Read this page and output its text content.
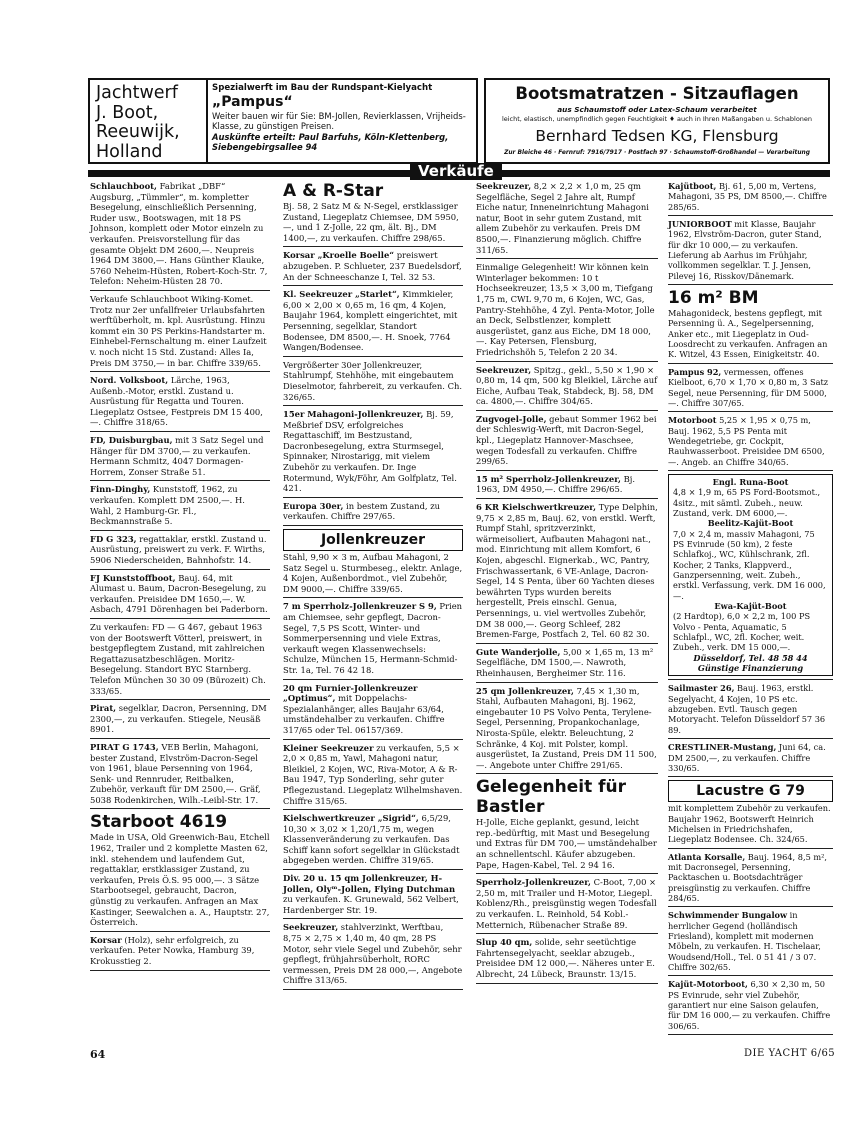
Jachtwerf
J. Boot,
Reeuwijk,
Holland
Spezialwerft im Bau der Rundspant-Kielyacht
„Pampus“
Weiter bauen wir für Sie: BM-Jollen, Revierklassen, Vrijheids-Klasse, zu günstigen Preisen.
Auskünfte erteilt: Paul Barfuhs, Köln-Klettenberg, Siebengebirgsallee 94
Bootsmatratzen - Sitzauflagen
aus Schaumstoff oder Latex-Schaum verarbeitet
leicht, elastisch, unempfindlich gegen Feuchtigkeit ♦ auch in Ihren Maßangaben u. Schablonen
Bernhard Tedsen KG, Flensburg
Zur Bleiche 46 · Fernruf: 7916/7917 · Postfach 97 · Schaumstoff-Großhandel — Verarbeitung
Verkäufe

Schlauchboot, Fabrikat „DBF“ Augsburg, „Tümmler“, m. kompletter Besegelung, einschließlich Persenning, Ruder usw., Bootswagen, mit 18 PS Johnson, komplett oder Motor einzeln zu verkaufen. Preisvorstellung für das gesamte Objekt DM 2600,—. Neupreis 1964 DM 3800,—. Hans Günther Klauke, 5760 Neheim-Hüsten, Robert-Koch-Str. 7, Telefon: Neheim-Hüsten 28 70.

Verkaufe Schlauchboot Wiking-Komet. Trotz nur 2er unfallfreier Urlaubsfahrten werftüberholt, m. kpl. Ausrüstung. Hinzu kommt ein 30 PS Perkins-Handstarter m. Einhebel-Fernschaltung m. einer Laufzeit v. noch nicht 15 Std. Zustand: Alles Ia, Preis DM 3750,— in bar. Chiffre 339/65.

Nord. Volksboot, Lärche, 1963, Außenb.-Motor, erstkl. Zustand u. Ausrüstung für Regatta und Touren. Liegeplatz Ostsee, Festpreis DM 15 400,—. Chiffre 318/65.

FD, Duisburgbau, mit 3 Satz Segel und Hänger für DM 3700,— zu verkaufen. Hermann Schmitz, 4047 Dormagen-Horrem, Zonser Straße 51.

Finn-Dinghy, Kunststoff, 1962, zu verkaufen. Komplett DM 2500,—. H. Wahl, 2 Hamburg-Gr. Fl., Beckmannstraße 5.

FD G 323, regattaklar, erstkl. Zustand u. Ausrüstung, preiswert zu verk. F. Wirths, 5906 Niederscheiden, Bahnhofstr. 14.

FJ Kunststoffboot, Bauj. 64, mit Alumast u. Baum, Dacron-Besegelung, zu verkaufen. Preisidee DM 1650,—. W. Asbach, 4791 Dörenhagen bei Paderborn.

Zu verkaufen: FD — G 467, gebaut 1963 von der Bootswerft Vötterl, preiswert, in bestgepflegtem Zustand, mit zahlreichen Regattazusatzbeschlägen. Moritz-Besegelung. Standort BYC Starnberg. Telefon München 30 30 09 (Bürozeit) Ch. 333/65.

Pirat, segelklar, Dacron, Persenning, DM 2300,—, zu verkaufen. Stiegele, Neusäß 8901.

PIRAT G 1743, VEB Berlin, Mahagoni, bester Zustand, Elvström-Dacron-Segel von 1961, blaue Persenning von 1964, Senk- und Rennruder, Reitbalken, Zubehör, verkauft für DM 2500,—. Gräf, 5038 Rodenkirchen, Wilh.-Leibl-Str. 17.

Starboot 4619

Made in USA, Old Greenwich-Bau, Etchell 1962, Trailer und 2 komplette Masten 62, inkl. stehendem und laufendem Gut, regattaklar, erstklassiger Zustand, zu verkaufen, Preis Ö.S. 95 000,—. 3 Sätze Starbootsegel, gebraucht, Dacron, günstig zu verkaufen. Anfragen an Max Kastinger, Seewalchen a. A., Hauptstr. 27, Österreich.

Korsar (Holz), sehr erfolgreich, zu verkaufen. Peter Nowka, Hamburg 39, Krokusstieg 2.

A & R-Star

Bj. 58, 2 Satz M & N-Segel, erstklassiger Zustand, Liegeplatz Chiemsee, DM 5950,—, und 1 Z-Jolle, 22 qm, ält. Bj., DM 1400,—, zu verkaufen. Chiffre 298/65.

Korsar „Kroelle Boelle“ preiswert abzugeben. P. Schlueter, 237 Buedelsdorf, An der Schneeschanze I, Tel. 32 53.

Kl. Seekreuzer „Starlet“, Kimmkieler, 6,00 × 2,00 × 0,65 m, 16 qm, 4 Kojen, Baujahr 1964, komplett eingerichtet, mit Persenning, segelklar, Standort Bodensee, DM 8500,—. H. Snoek, 7764 Wangen/Bodensee.

Vergrößerter 30er Jollenkreuzer, Stahlrumpf, Stehhöhe, mit eingebautem Dieselmotor, fahrbereit, zu verkaufen. Ch. 326/65.

15er Mahagoni-Jollenkreuzer, Bj. 59, Meßbrief DSV, erfolgreiches Regattaschiff, im Bestzustand, Dacronbesegelung, extra Sturmsegel, Spinnaker, Nirostarigg, mit vielem Zubehör zu verkaufen. Dr. Inge Rotermund, Wyk/Föhr, Am Golfplatz, Tel. 421.

Europa 30er, in bestem Zustand, zu verkaufen. Chiffre 297/65.

Jollenkreuzer

Stahl, 9,90 × 3 m, Aufbau Mahagoni, 2 Satz Segel u. Sturmbeseg., elektr. Anlage, 4 Kojen, Außenbordmot., viel Zubehör, DM 9000,—. Chiffre 339/65.

7 m Sperrholz-Jollenkreuzer S 9, Prien am Chiemsee, sehr gepflegt, Dacron-Segel, 7,5 PS Scott, Winter- und Sommerpersenning und viele Extras, verkauft wegen Klassenwechsels: Schulze, München 15, Hermann-Schmid-Str. 1a, Tel. 76 42 18.

20 qm Furnier-Jollenkreuzer „Optimus“, mit Doppelachs-Spezialanhänger, alles Baujahr 63/64, umständehalber zu verkaufen. Chiffre 317/65 oder Tel. 06157/369.

Kleiner Seekreuzer zu verkaufen, 5,5 × 2,0 × 0,85 m, Yawl, Mahagoni natur, Bleikiel, 2 Kojen, WC, Riva-Motor, A & R-Bau 1947, Typ Sonderling, sehr guter Pflegezustand. Liegeplatz Wilhelmshaven. Chiffre 315/65.

Kielschwertkreuzer „Sigrid“, 6,5/29, 10,30 × 3,02 × 1,20/1,75 m, wegen Klassenveränderung zu verkaufen. Das Schiff kann sofort segelklar in Glückstadt abgegeben werden. Chiffre 319/65.

Div. 20 u. 15 qm Jollenkreuzer, H-Jollen, Olyᵐ-Jollen, Flying Dutchman zu verkaufen. K. Grunewald, 562 Velbert, Hardenberger Str. 19.

Seekreuzer, stahlverzinkt, Werftbau, 8,75 × 2,75 × 1,40 m, 40 qm, 28 PS Motor, sehr viele Segel und Zubehör, sehr gepflegt, frühjahrsüberholt, RORC vermessen, Preis DM 28 000,—, Angebote Chiffre 313/65.

Seekreuzer, 8,2 × 2,2 × 1,0 m, 25 qm Segelfläche, Segel 2 Jahre alt, Rumpf Eiche natur, Inneneinrichtung Mahagoni natur, Boot in sehr gutem Zustand, mit allem Zubehör zu verkaufen. Preis DM 8500,—. Finanzierung möglich. Chiffre 311/65.

Einmalige Gelegenheit! Wir können kein Winterlager bekommen: 10 t Hochseekreuzer, 13,5 × 3,00 m, Tiefgang 1,75 m, CWL 9,70 m, 6 Kojen, WC, Gas, Pantry-Stehhöhe, 4 Zyl. Penta-Motor, Jolle an Deck, Selbstlenzer, komplett ausgerüstet, ganz aus Eiche, DM 18 000,—. Kay Petersen, Flensburg, Friedrichshöh 5, Telefon 2 20 34.

Seekreuzer, Spitzg., gekl., 5,50 × 1,90 × 0,80 m, 14 qm, 500 kg Bleikiel, Lärche auf Eiche, Aufbau Teak, Stabdeck, Bj. 58, DM ca. 4800,—. Chiffre 304/65.

Zugvogel-Jolle, gebaut Sommer 1962 bei der Schleswig-Werft, mit Dacron-Segel, kpl., Liegeplatz Hannover-Maschsee, wegen Todesfall zu verkaufen. Chiffre 299/65.

15 m² Sperrholz-Jollenkreuzer, Bj. 1963, DM 4950,—. Chiffre 296/65.

6 KR Kielschwertkreuzer, Type Delphin, 9,75 × 2,85 m, Bauj. 62, von erstkl. Werft, Rumpf Stahl, spritzverzinkt, wärmeisoliert, Aufbauten Mahagoni nat., mod. Einrichtung mit allem Komfort, 6 Kojen, abgeschl. Eignerkab., WC, Pantry, Frischwassertank, 6 VE-Anlage, Dacron-Segel, 14 S Penta, über 60 Yachten dieses bewährten Typs wurden bereits hergestellt, Preis einschl. Genua, Persennings, u. viel wertvolles Zubehör, DM 38 000,—. Georg Schleef, 282 Bremen-Farge, Postfach 2, Tel. 60 82 30.

Gute Wanderjolle, 5,00 × 1,65 m, 13 m² Segelfläche, DM 1500,—. Nawroth, Rheinhausen, Bergheimer Str. 116.

25 qm Jollenkreuzer, 7,45 × 1,30 m, Stahl, Aufbauten Mahagoni, Bj. 1962, eingebauter 10 PS Volvo Penta, Terylene-Segel, Persenning, Propankochanlage, Nirosta-Spüle, elektr. Beleuchtung, 2 Schränke, 4 Koj. mit Polster, kompl. ausgerüstet, Ia Zustand, Preis DM 11 500,—. Angebote unter Chiffre 291/65.

Gelegenheit für Bastler

H-Jolle, Eiche geplankt, gesund, leicht rep.-bedürftig, mit Mast und Besegelung und Extras für DM 700,— umständehalber an schnellentschl. Käufer abzugeben. Pape, Hagen-Kabel, Tel. 2 94 16.

Sperrholz-Jollenkreuzer, C-Boot, 7,00 × 2,50 m, mit Trailer und H-Motor, Liegepl. Koblenz/Rh., preisgünstig wegen Todesfall zu verkaufen. L. Reinhold, 54 Kobl.-Metternich, Rübenacher Straße 89.

Slup 40 qm, solide, sehr seetüchtige Fahrtensegelyacht, seeklar abzugeb., Preisidee DM 12 000,—. Näheres unter E. Albrecht, 24 Lübeck, Braunstr. 13/15.

Kajütboot, Bj. 61, 5,00 m, Vertens, Mahagoni, 35 PS, DM 8500,—. Chiffre 285/65.

JUNIORBOOT mit Klasse, Baujahr 1962, Elvström-Dacron, guter Stand, für dkr 10 000,— zu verkaufen. Lieferung ab Aarhus im Frühjahr, vollkommen segelklar. T. J. Jensen, Pilevej 16, Risskov/Dänemark.

16 m² BM

Mahagonideck, bestens gepflegt, mit Persenning ü. A., Segelpersenning, Anker etc., mit Liegeplatz in Oud-Loosdrecht zu verkaufen. Anfragen an K. Witzel, 43 Essen, Einigkeitstr. 40.

Pampus 92, vermessen, offenes Kielboot, 6,70 × 1,70 × 0,80 m, 3 Satz Segel, neue Persenning, für DM 5000,—. Chiffre 307/65.

Motorboot 5,25 × 1,95 × 0,75 m, Bauj. 1962, 5,5 PS Penta mit Wendegetriebe, gr. Cockpit, Rauhwasserboot. Preisidee DM 6500,—. Angeb. an Chiffre 340/65.

Engl. Runa-Boot
4,8 × 1,9 m, 65 PS Ford-Bootsmot., 4sitz., mit sämtl. Zubeh., neuw. Zustand, verk. DM 6000,—.
Beelitz-Kajüt-Boot
7,0 × 2,4 m, massiv Mahagoni, 75 PS Evinrude (50 km), 2 feste Schlafkoj., WC, Kühlschrank, 2fl. Kocher, 2 Tanks, Klappverd., Ganzpersenning, weit. Zubeh., erstkl. Verfassung, verk. DM 16 000,—.
Ewa-Kajüt-Boot
(2 Hardtop), 6,0 × 2,2 m, 100 PS Volvo - Penta, Aquamatic, 5 Schlafpl., WC, 2fl. Kocher, weit. Zubeh., verk. DM 15 000,—.
Düsseldorf, Tel. 48 58 44
Günstige Finanzierung

Sailmaster 26, Bauj. 1963, erstkl. Segelyacht, 4 Kojen, 10 PS etc. abzugeben. Evtl. Tausch gegen Motoryacht. Telefon Düsseldorf 57 36 89.

CRESTLINER-Mustang, Juni 64, ca. DM 2500,—, zu verkaufen. Chiffre 330/65.

Lacustre G 79

mit komplettem Zubehör zu verkaufen. Baujahr 1962, Bootswerft Heinrich Michelsen in Friedrichshafen, Liegeplatz Bodensee. Ch. 324/65.

Atlanta Korsalle, Bauj. 1964, 8,5 m², mit Dacronsegel, Persenning, Packtaschen u. Bootsdachträger preisgünstig zu verkaufen. Chiffre 284/65.

Schwimmender Bungalow in herrlicher Gegend (holländisch Friesland), komplett mit modernen Möbeln, zu verkaufen. H. Tischelaar, Woudsend/Holl., Tel. 0 51 41 / 3 07. Chiffre 302/65.

Kajüt-Motorboot, 6,30 × 2,30 m, 50 PS Evinrude, sehr viel Zubehör, garantiert nur eine Saison gelaufen, für DM 16 000,— zu verkaufen. Chiffre 306/65.

64	DIE YACHT 6/65
